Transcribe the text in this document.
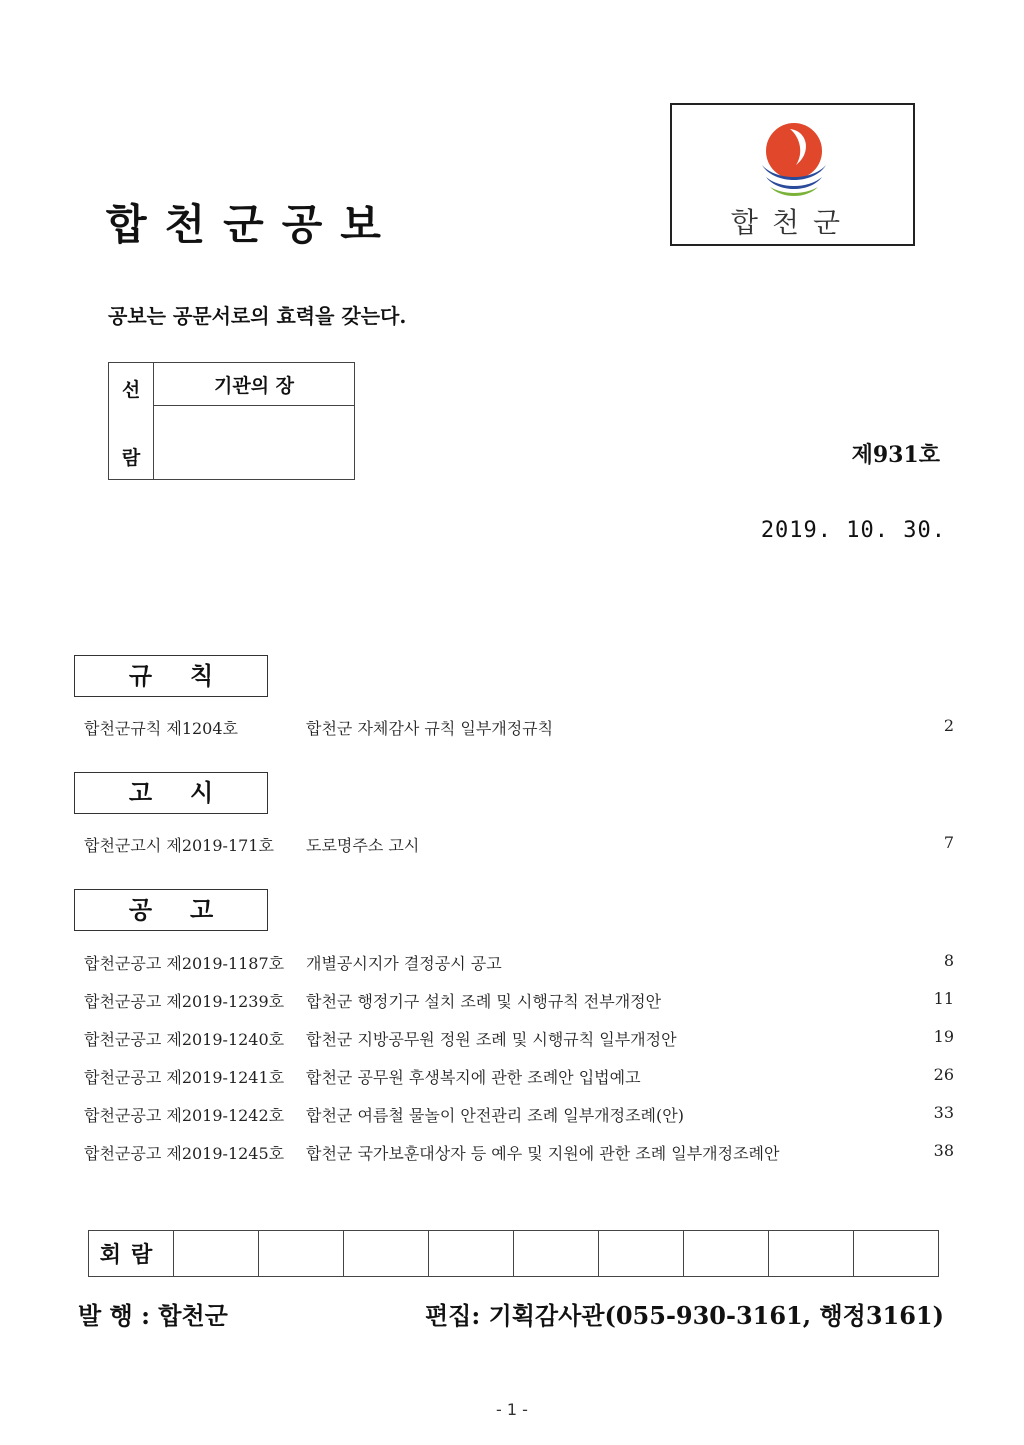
합천군공보	합천군
공보는 공문서로의 효력을 갖는다.
선
람
	기관의 장

제931호
2019. 10. 30.
규칙
합천군규칙 제1204호	합천군 자체감사 규칙 일부개정규칙	2
고시
합천군고시 제2019-171호 도로명주소 고시	7
공고
합천군공고 제2019-1187호 개별공시지가 결정공시 공고	8
합천군공고 제2019-1239호 합천군 행정기구 설치 조례 및 시행규칙 전부개정안	11
합천군공고 제2019-1240호 합천군 지방공무원 정원 조례 및 시행규칙 일부개정안	19
합천군공고 제2019-1241호 합천군 공무원 후생복지에 관한 조례안 입법예고	26
합천군공고 제2019-1242호 합천군 여름철 물놀이 안전관리 조례 일부개정조례(안)	33
합천군공고 제2019-1245호 합천군 국가보훈대상자 등 예우 및 지원에 관한 조례 일부개정조례안	38
회람									
발 행 : 합천군	편집: 기획감사관(055-930-3161, 행정3161)
- 1 -
